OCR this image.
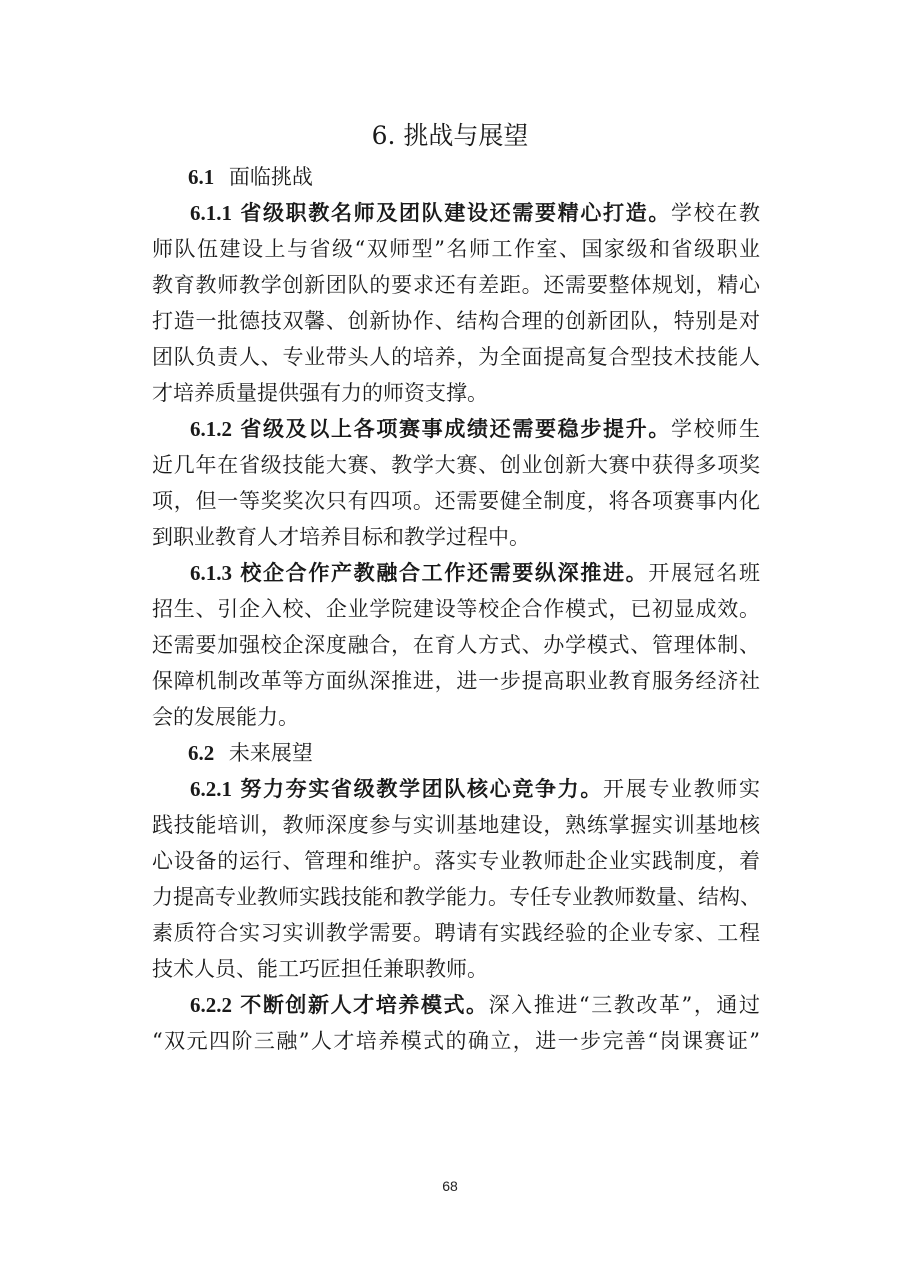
6. 挑战与展望
6.1 面临挑战
6.1.1 省级职教名师及团队建设还需要精心打造。学校在教
师队伍建设上与省级“双师型”名师工作室、国家级和省级职业
教育教师教学创新团队的要求还有差距。还需要整体规划，精心
打造一批德技双馨、创新协作、结构合理的创新团队，特别是对
团队负责人、专业带头人的培养，为全面提高复合型技术技能人
才培养质量提供强有力的师资支撑。
6.1.2 省级及以上各项赛事成绩还需要稳步提升。学校师生
近几年在省级技能大赛、教学大赛、创业创新大赛中获得多项奖
项，但一等奖奖次只有四项。还需要健全制度，将各项赛事内化
到职业教育人才培养目标和教学过程中。
6.1.3 校企合作产教融合工作还需要纵深推进。开展冠名班
招生、引企入校、企业学院建设等校企合作模式，已初显成效。
还需要加强校企深度融合，在育人方式、办学模式、管理体制、
保障机制改革等方面纵深推进，进一步提高职业教育服务经济社
会的发展能力。
6.2 未来展望
6.2.1 努力夯实省级教学团队核心竞争力。开展专业教师实
践技能培训，教师深度参与实训基地建设，熟练掌握实训基地核
心设备的运行、管理和维护。落实专业教师赴企业实践制度，着
力提高专业教师实践技能和教学能力。专任专业教师数量、结构、
素质符合实习实训教学需要。聘请有实践经验的企业专家、工程
技术人员、能工巧匠担任兼职教师。
6.2.2 不断创新人才培养模式。深入推进“三教改革”，通过
“双元四阶三融”人才培养模式的确立，进一步完善“岗课赛证”
68
